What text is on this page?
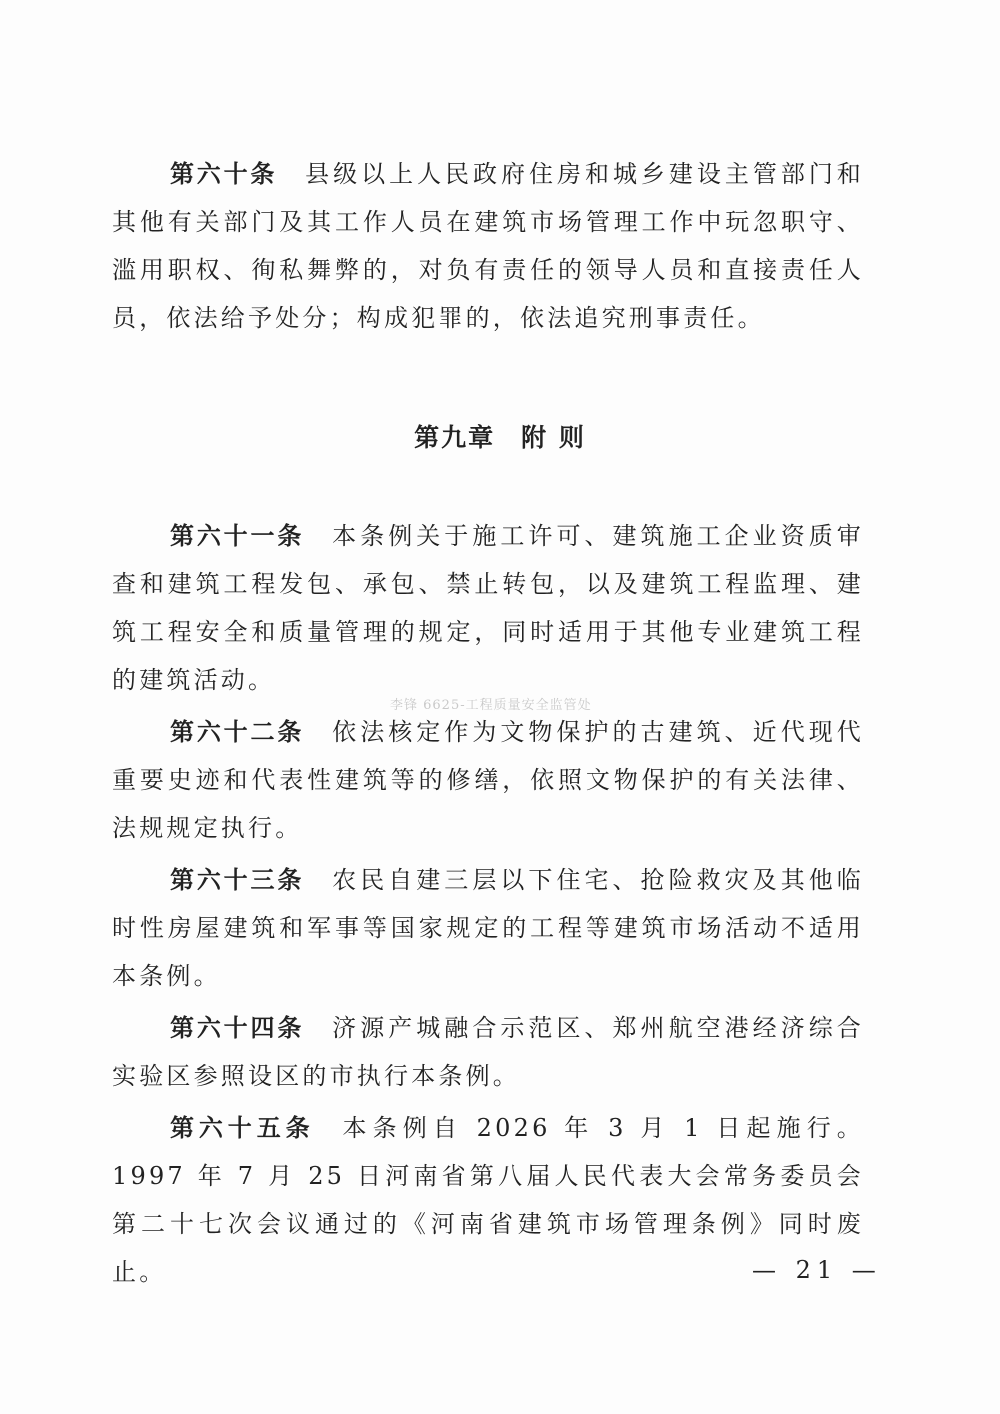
第六十条 县级以上人民政府住房和城乡建设主管部门和其他有关部门及其工作人员在建筑市场管理工作中玩忽职守、滥用职权、徇私舞弊的，对负有责任的领导人员和直接责任人员，依法给予处分；构成犯罪的，依法追究刑事责任。

第九章 附 则

第六十一条 本条例关于施工许可、建筑施工企业资质审查和建筑工程发包、承包、禁止转包，以及建筑工程监理、建筑工程安全和质量管理的规定，同时适用于其他专业建筑工程的建筑活动。

李锋 6625-工程质量安全监管处

第六十二条 依法核定作为文物保护的古建筑、近代现代重要史迹和代表性建筑等的修缮，依照文物保护的有关法律、法规规定执行。

第六十三条 农民自建三层以下住宅、抢险救灾及其他临时性房屋建筑和军事等国家规定的工程等建筑市场活动不适用本条例。

第六十四条 济源产城融合示范区、郑州航空港经济综合实验区参照设区的市执行本条例。

第六十五条 本条例自 2026 年 3 月 1 日起施行。1997 年 7 月 25 日河南省第八届人民代表大会常务委员会第二十七次会议通过的《河南省建筑市场管理条例》同时废止。	— 21 —
